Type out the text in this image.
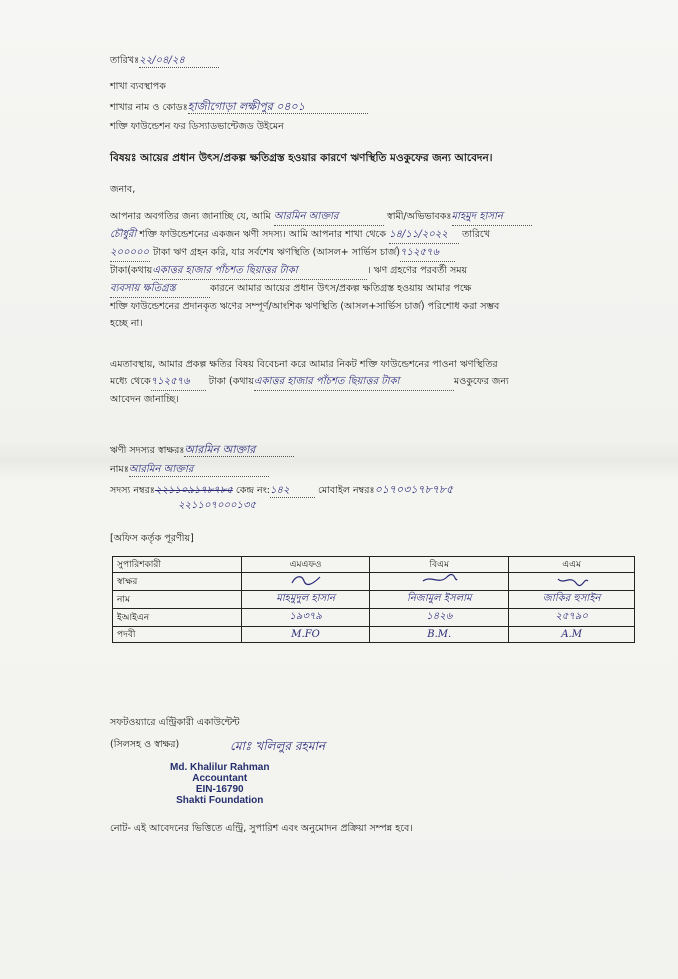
তারিখঃ২২/০৪/২৪
শাখা ব্যবস্থাপক
শাখার নাম ও কোডঃহাজীগোড়া লক্ষীপুর ০৪০১
শক্তি ফাউন্ডেশন ফর ডিস্যাডভান্টেজড উইমেন
বিষয়ঃ আয়ের প্রধান উৎস/প্রকল্প ক্ষতিগ্রস্ত হওয়ার কারণে ঋণস্থিতি মওকুফের জন্য আবেদন।
জনাব,
আপনার অবগতির জন্য জানাচ্ছি যে, আমি আরমিন আক্তার	স্বামী/অভিভাবকঃমাহমুদ হাসান
চৌধুরী শক্তি ফাউন্ডেশনের একজন ঋণী সদস্য। আমি আপনার শাখা থেকে ১৪/১১/২০২২ তারিখে
২০০০০০ টাকা ঋণ গ্রহন করি, যার সর্বশেষ ঋণস্থিতি (আসল+ সার্ভিস চার্জ)৭১২৫৭৬
টাকা(কথায়একাত্তর হাজার পাঁচশত ছিয়াত্তর টাকা	। ঋণ গ্রহণের পরবর্তী সময়
ব্যবসায় ক্ষতিগ্রস্ত	কারনে আমার আয়ের প্রধান উৎস/প্রকল্প ক্ষতিগ্রস্ত হওয়ায় আমার পক্ষে
শক্তি ফাউন্ডেশনের প্রদানকৃত ঋণের সম্পূর্ণ/আংশিক ঋণস্থিতি (আসল+সার্ভিস চার্জ) পরিশোধ করা সম্ভব
হচ্ছে না।
এমতাবস্থায়, আমার প্রকল্প ক্ষতির বিষয় বিবেচনা করে আমার নিকট শক্তি ফাউন্ডেশনের পাওনা ঋণস্থিতির
মধ্যে থেকে৭১২৫৭৬ টাকা (কথায়একাত্তর হাজার পাঁচশত ছিয়াত্তর টাকা	মওকুফের জন্য
আবেদন জানাচ্ছি।
ঋণী সদস্যর স্বাক্ষরঃআরমিন আক্তার
নামঃআরমিন আক্তার
সদস্য নম্বরঃ২২১১০৯১৭৮৭৮৫ কেন্দ্র নং:১৪২	মোবাইল নম্বরঃ০১৭০৩১৭৮৭৮৫
২২১১০৭০০০১৩৫
[অফিস কর্তৃক পূরণীয়]
সুপারিশকারী	এমএফও	বিএম	এএম
স্বাক্ষর			
নাম	মাহমুদুল হাসান	নিজামুল ইসলাম	জাকির হুসাইন
ইআইএন	১৯৩৭৯	১৪২৬	২৫৭৯০
পদবী	M.FO	B.M.	A.M
সফটওয়্যারে এন্ট্রিকারী একাউন্টেন্ট
(সিলসহ ও স্বাক্ষর)	মোঃ খলিলুর রহমান
Md. Khalilur Rahman
Accountant
EIN-16790
Shakti Foundation
নোট- এই আবেদনের ভিত্তিতে এন্ট্রি, সুপারিশ এবং অনুমোদন প্রক্রিয়া সম্পন্ন হবে।
